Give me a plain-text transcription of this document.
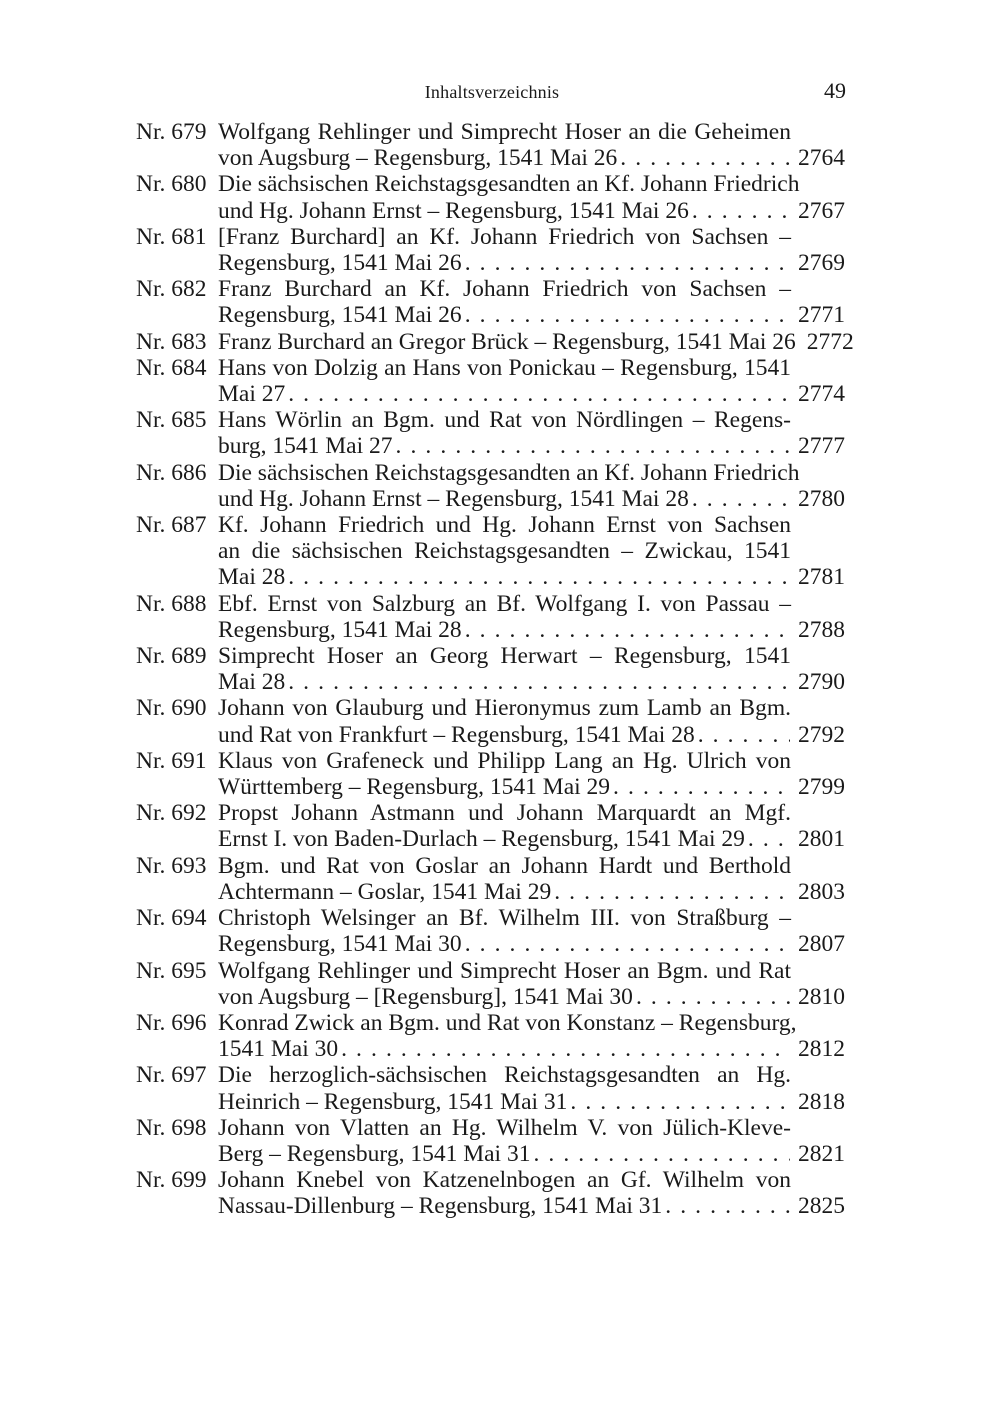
Inhaltsverzeichnis	49
Nr. 679 Wolfgang Rehlinger und Simprecht Hoser an die Geheimen
von Augsburg – Regensburg, 1541 Mai 26 . . .	2764
Nr. 680 Die sächsischen Reichstagsgesandten an Kf. Johann Friedrich
und Hg. Johann Ernst – Regensburg, 1541 Mai 26 . . .	2767
Nr. 681 [Franz Burchard] an Kf. Johann Friedrich von Sachsen –
Regensburg, 1541 Mai 26 . . .	2769
Nr. 682 Franz Burchard an Kf. Johann Friedrich von Sachsen –
Regensburg, 1541 Mai 26 . . .	2771
Nr. 683 Franz Burchard an Gregor Brück – Regensburg, 1541 Mai 26 . . . 2772
Nr. 684 Hans von Dolzig an Hans von Ponickau – Regensburg, 1541
Mai 27 . . .	2774
Nr. 685 Hans Wörlin an Bgm. und Rat von Nördlingen – Regens-
burg, 1541 Mai 27 . . .	2777
Nr. 686 Die sächsischen Reichstagsgesandten an Kf. Johann Friedrich
und Hg. Johann Ernst – Regensburg, 1541 Mai 28 . . .	2780
Nr. 687 Kf. Johann Friedrich und Hg. Johann Ernst von Sachsen
an die sächsischen Reichstagsgesandten – Zwickau, 1541
Mai 28 . . .	2781
Nr. 688 Ebf. Ernst von Salzburg an Bf. Wolfgang I. von Passau –
Regensburg, 1541 Mai 28 . . .	2788
Nr. 689 Simprecht Hoser an Georg Herwart – Regensburg, 1541
Mai 28 . . .	2790
Nr. 690 Johann von Glauburg und Hieronymus zum Lamb an Bgm.
und Rat von Frankfurt – Regensburg, 1541 Mai 28 . . .	2792
Nr. 691 Klaus von Grafeneck und Philipp Lang an Hg. Ulrich von
Württemberg – Regensburg, 1541 Mai 29 . . .	2799
Nr. 692 Propst Johann Astmann und Johann Marquardt an Mgf.
Ernst I. von Baden-Durlach – Regensburg, 1541 Mai 29 . . . 2801
Nr. 693 Bgm. und Rat von Goslar an Johann Hardt und Berthold
Achtermann – Goslar, 1541 Mai 29 . . .	2803
Nr. 694 Christoph Welsinger an Bf. Wilhelm III. von Straßburg –
Regensburg, 1541 Mai 30 . . .	2807
Nr. 695 Wolfgang Rehlinger und Simprecht Hoser an Bgm. und Rat
von Augsburg – [Regensburg], 1541 Mai 30 . . .	2810
Nr. 696 Konrad Zwick an Bgm. und Rat von Konstanz – Regensburg,
1541 Mai 30 . . .	2812
Nr. 697 Die herzoglich-sächsischen Reichstagsgesandten an Hg.
Heinrich – Regensburg, 1541 Mai 31 . . .	2818
Nr. 698 Johann von Vlatten an Hg. Wilhelm V. von Jülich-Kleve-
Berg – Regensburg, 1541 Mai 31 . . .	2821
Nr. 699 Johann Knebel von Katzenelnbogen an Gf. Wilhelm von
Nassau-Dillenburg – Regensburg, 1541 Mai 31 . . .	2825
